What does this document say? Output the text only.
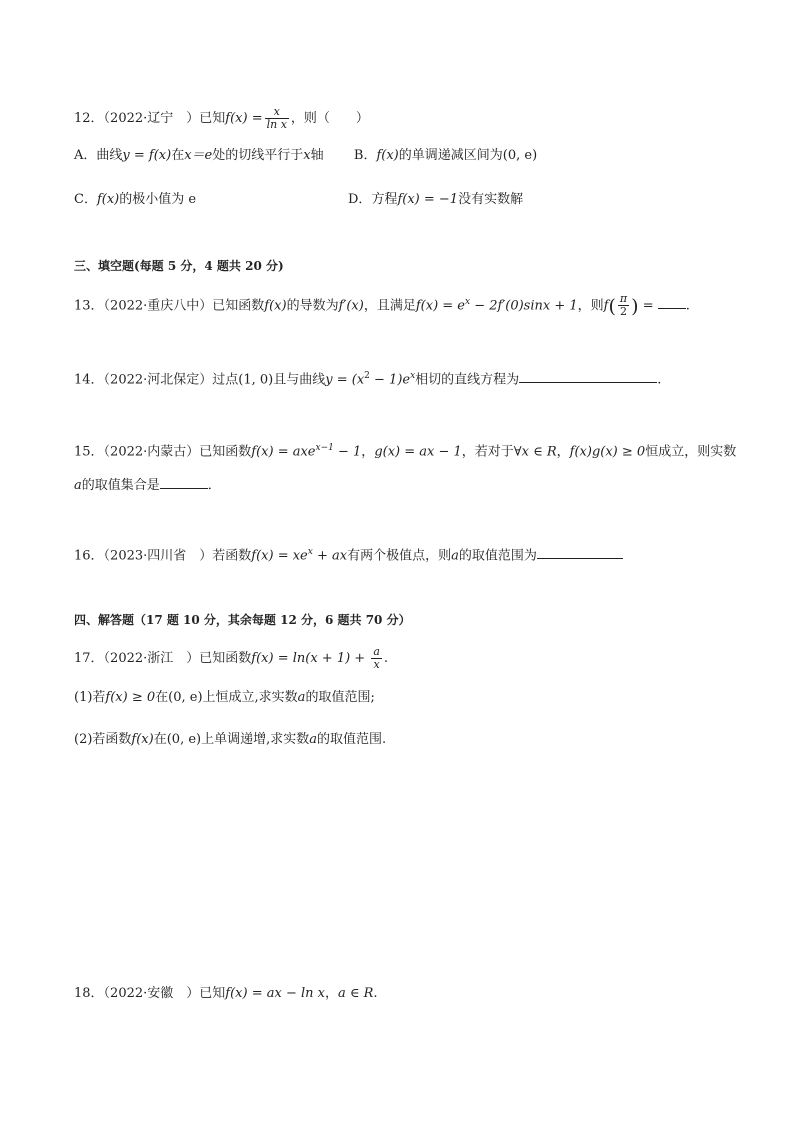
12．（2022·辽宁　）已知$f(x) = \frac{x}{\text{ln x}}$ ，则（　　）
A．曲线y = f(x)在x＝e处的切线平行于x轴 B．f(x)的单调递减区间为(0, e)
C．f(x)的极小值为 e	D．方程f(x) = −1没有实数解
三、填空题(每题 5 分，4 题共 20 分)
13．（2022·重庆八中）已知函数f(x)的导数为f′(x)，且满足$f(x) = e^x - 2f'(0)\sin x + 1$，则$f( \frac{\pi}{2}$ ) = .
14．（2022·河北保定）过点(1, 0)且与曲线$y = (x^2 - 1)e^x$相切的直线方程为	.
15．（2022·内蒙古）已知函数f(x) = axe$^{x-1}$ − 1，g(x) = ax − 1，若对于∀x ∈ R，f(x)g(x) ≥ 0恒成立，则实数
a的取值集合是	．
16．（2023·四川省　）若函数$f(x) = xe^x$ + ax有两个极值点，则a的取值范围为
四、解答题（17 题 10 分，其余每题 12 分，6 题共 70 分）
17．（2022·浙江　）已知函数$f(x) = \ln(x + 1) + \frac{a}{x}$ .
(1)若f(x) ≥ 0在(0, e)上恒成立,求实数a的取值范围;
(2)若函数f(x)在(0, e)上单调递增,求实数a的取值范围.
18．（2022·安徽　）已知f(x) = ax − ln x，a ∈ R.
